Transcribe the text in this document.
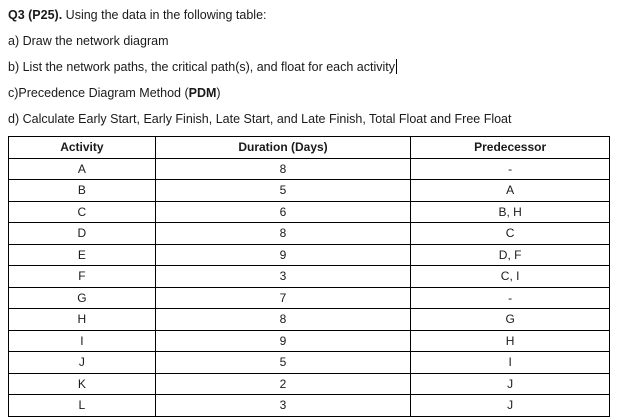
Q3 (P25). Using the data in the following table:
a) Draw the network diagram
b) List the network paths, the critical path(s), and float for each activity
c)Precedence Diagram Method (PDM)
d) Calculate Early Start, Early Finish, Late Start, and Late Finish, Total Float and Free Float
Activity	Duration (Days)	Predecessor
A	8	-
B	5	A
C	6	B, H
D	8	C
E	9	D, F
F	3	C, I
G	7	-
H	8	G
I	9	H
J	5	I
K	2	J
L	3	J
